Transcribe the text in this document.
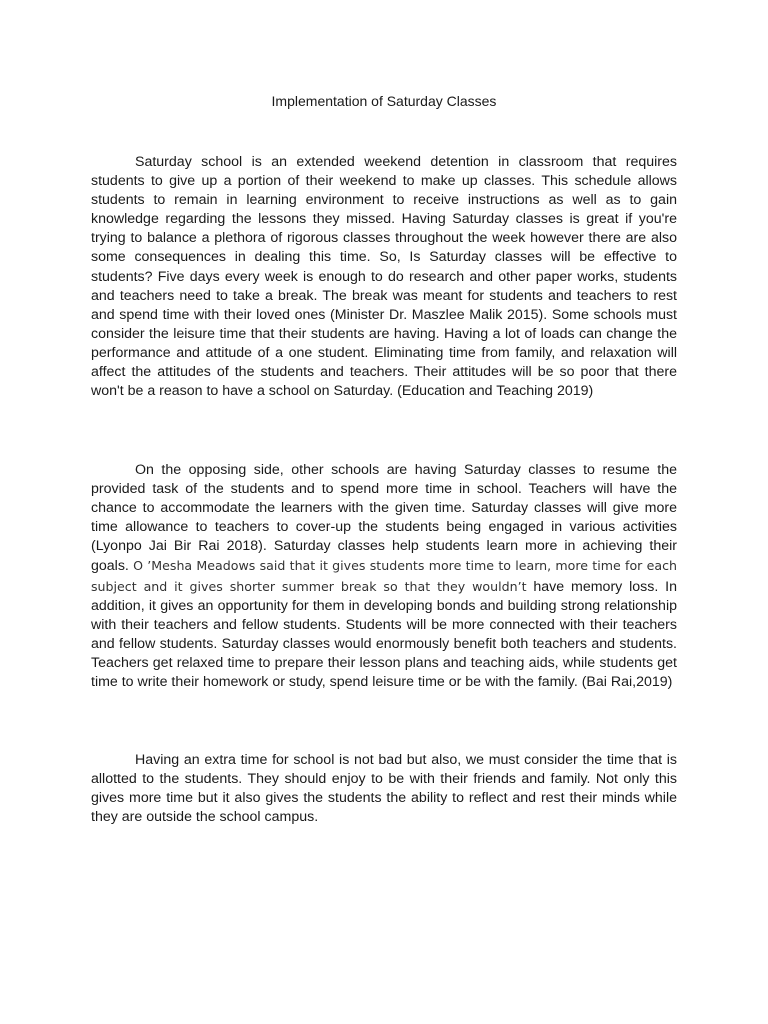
Implementation of Saturday Classes

Saturday school is an extended weekend detention in classroom that requires students to give up a portion of their weekend to make up classes. This schedule allows students to remain in learning environment to receive instructions as well as to gain knowledge regarding the lessons they missed. Having Saturday classes is great if you're trying to balance a plethora of rigorous classes throughout the week however there are also some consequences in dealing this time. So, Is Saturday classes will be effective to students? Five days every week is enough to do research and other paper works, students and teachers need to take a break. The break was meant for students and teachers to rest and spend time with their loved ones (Minister Dr. Maszlee Malik 2015). Some schools must consider the leisure time that their students are having. Having a lot of loads can change the performance and attitude of a one student. Eliminating time from family, and relaxation will affect the attitudes of the students and teachers. Their attitudes will be so poor that there won't be a reason to have a school on Saturday. (Education and Teaching 2019)

On the opposing side, other schools are having Saturday classes to resume the provided task of the students and to spend more time in school. Teachers will have the chance to accommodate the learners with the given time. Saturday classes will give more time allowance to teachers to cover-up the students being engaged in various activities (Lyonpo Jai Bir Rai 2018). Saturday classes help students learn more in achieving their goals. O ’Mesha Meadows said that it gives students more time to learn, more time for each subject and it gives shorter summer break so that they wouldn’t have memory loss. In addition, it gives an opportunity for them in developing bonds and building strong relationship with their teachers and fellow students. Students will be more connected with their teachers and fellow students. Saturday classes would enormously benefit both teachers and students. Teachers get relaxed time to prepare their lesson plans and teaching aids, while students get time to write their homework or study, spend leisure time or be with the family. (Bai Rai,2019)

Having an extra time for school is not bad but also, we must consider the time that is allotted to the students. They should enjoy to be with their friends and family. Not only this gives more time but it also gives the students the ability to reflect and rest their minds while they are outside the school campus.
